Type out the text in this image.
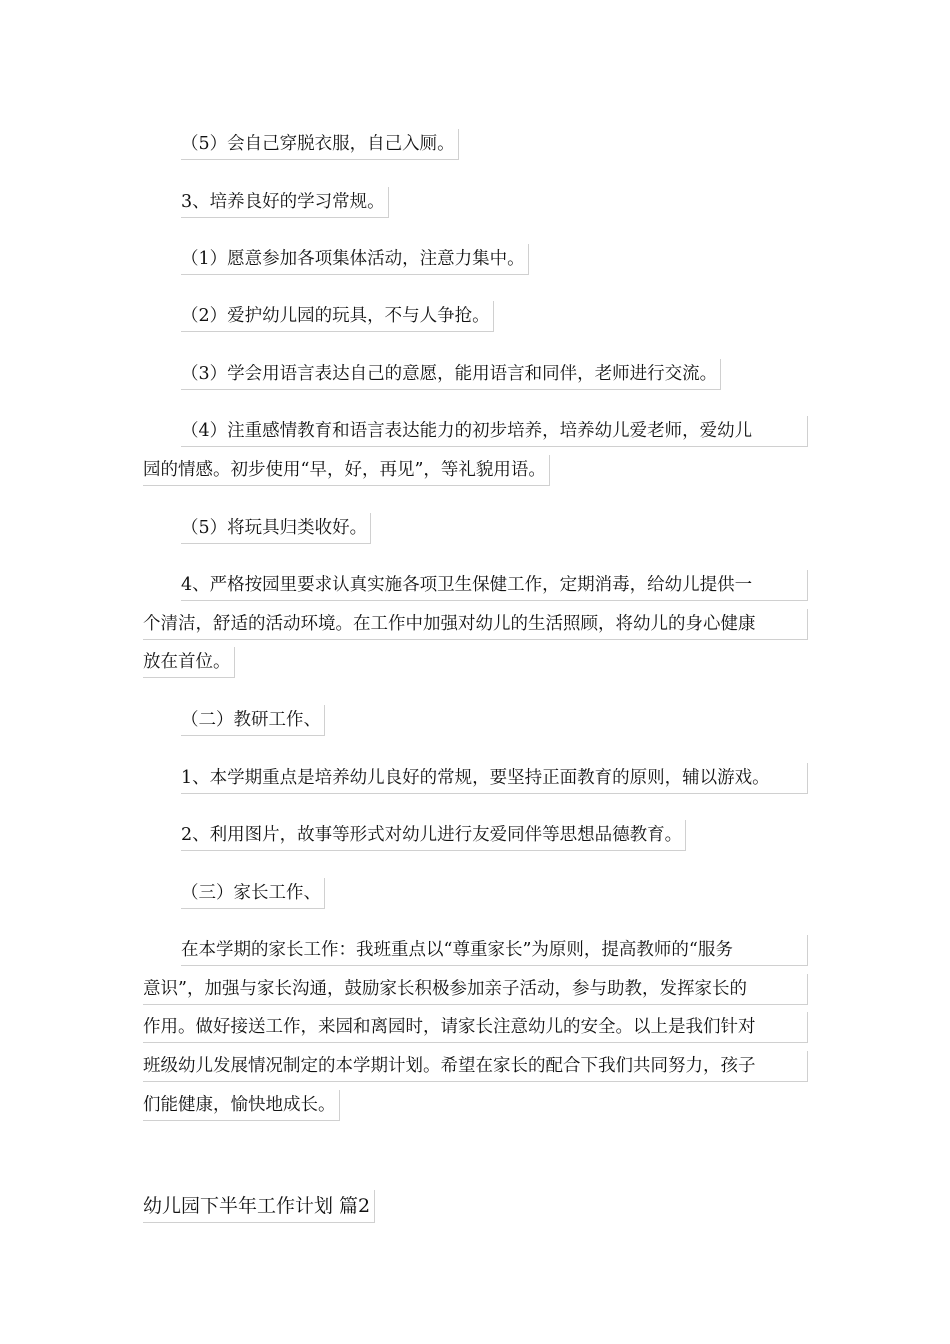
（5）会自己穿脱衣服，自己入厕。
3、培养良好的学习常规。
（1）愿意参加各项集体活动，注意力集中。
（2）爱护幼儿园的玩具，不与人争抢。
（3）学会用语言表达自己的意愿，能用语言和同伴，老师进行交流。
（4）注重感情教育和语言表达能力的初步培养，培养幼儿爱老师，爱幼儿
园的情感。初步使用“早，好，再见”，等礼貌用语。
（5）将玩具归类收好。
4、严格按园里要求认真实施各项卫生保健工作，定期消毒，给幼儿提供一
个清洁，舒适的活动环境。在工作中加强对幼儿的生活照顾，将幼儿的身心健康
放在首位。
（二）教研工作、
1、本学期重点是培养幼儿良好的常规，要坚持正面教育的原则，辅以游戏。
2、利用图片，故事等形式对幼儿进行友爱同伴等思想品德教育。
（三）家长工作、
在本学期的家长工作：我班重点以“尊重家长”为原则，提高教师的“服务
意识”，加强与家长沟通，鼓励家长积极参加亲子活动，参与助教，发挥家长的
作用。做好接送工作，来园和离园时，请家长注意幼儿的安全。以上是我们针对
班级幼儿发展情况制定的本学期计划。希望在家长的配合下我们共同努力，孩子
们能健康，愉快地成长。
幼儿园下半年工作计划 篇2
